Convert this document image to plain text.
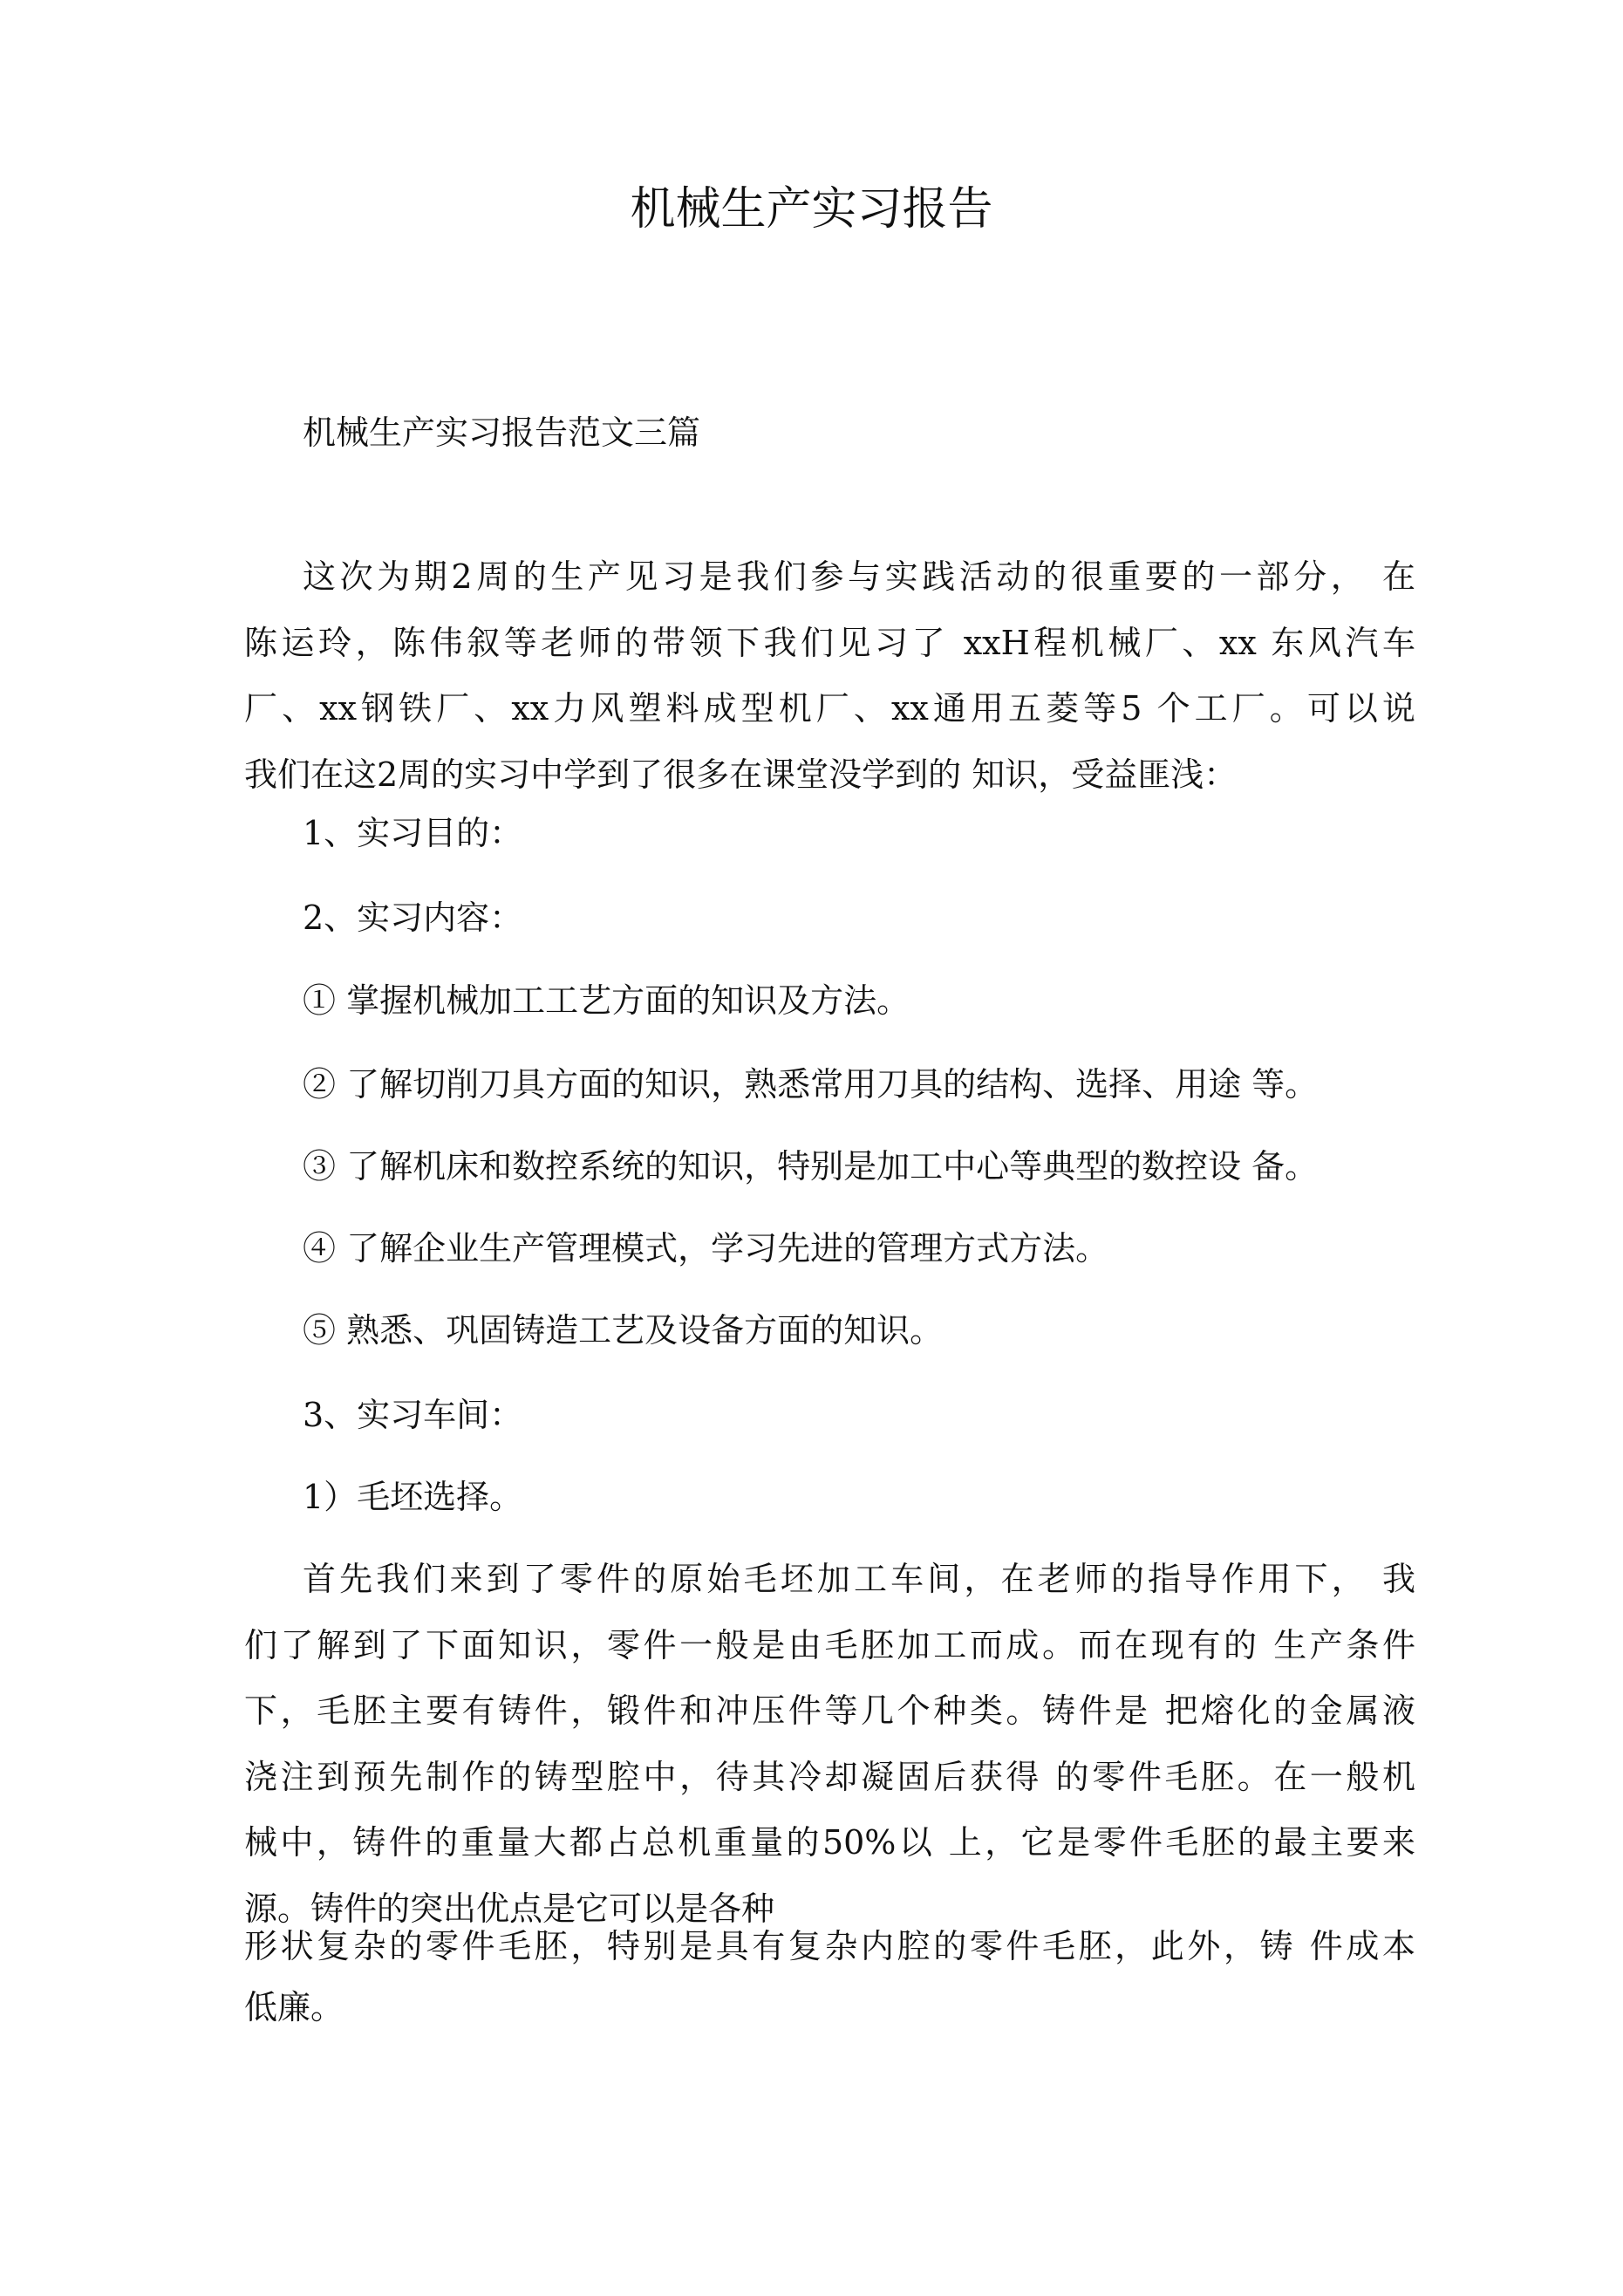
机械生产实习报告
机械生产实习报告范文三篇
这次为期2周的生产见习是我们参与实践活动的很重要的一部分， 在
陈运玲，陈伟叙等老师的带领下我们见习了 xxH程机械厂、xx 东风汽车
厂、xx钢铁厂、xx力风塑料成型机厂、xx通用五菱等5 个工厂。可以说
我们在这2周的实习中学到了很多在课堂没学到的 知识，受益匪浅：
1、实习目的：
2、实习内容：
① 掌握机械加工工艺方面的知识及方法。
② 了解切削刀具方面的知识，熟悉常用刀具的结构、选择、用途 等。
③ 了解机床和数控系统的知识，特别是加工中心等典型的数控设 备。
④ 了解企业生产管理模式，学习先进的管理方式方法。
⑤ 熟悉、巩固铸造工艺及设备方面的知识。
3、实习车间：
1）毛坯选择。
首先我们来到了零件的原始毛坯加工车间，在老师的指导作用下， 我
们了解到了下面知识，零件一般是由毛胚加工而成。而在现有的 生产条件
下，毛胚主要有铸件，锻件和冲压件等几个种类。铸件是 把熔化的金属液
浇注到预先制作的铸型腔中，待其冷却凝固后获得 的零件毛胚。在一般机
械中，铸件的重量大都占总机重量的50%以 上，它是零件毛胚的最主要来
源。铸件的突出优点是它可以是各种
形状复杂的零件毛胚，特别是具有复杂内腔的零件毛胚，此外，铸 件成本
低廉。
